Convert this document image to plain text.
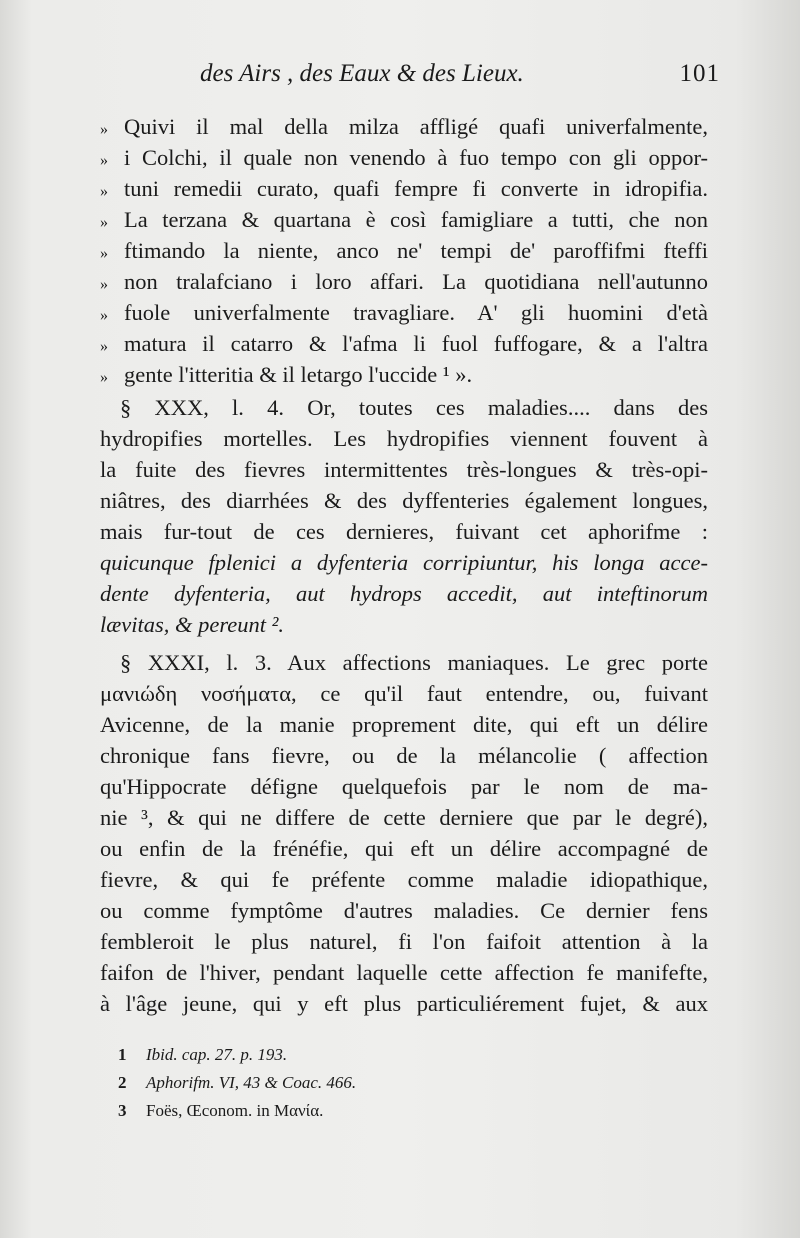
des Airs , des Eaux & des Lieux.	101
» Quivi il mal della milza affligé quafi univerfalmente,
» i Colchi, il quale non venendo à fuo tempo con gli oppor-
» tuni remedii curato, quafi fempre fi converte in idropifia.
» La terzana & quartana è così famigliare a tutti, che non
» ftimando la niente, anco ne' tempi de' paroffifmi fteffi
» non tralafciano i loro affari. La quotidiana nell'autunno
» fuole univerfalmente travagliare. A' gli huomini d'età
» matura il catarro & l'afma li fuol fuffogare, & a l'altra
» gente l'itteritia & il letargo l'uccide ¹ ».
§ XXX, l. 4. Or, toutes ces maladies.... dans des
hydropifies mortelles. Les hydropifies viennent fouvent à
la fuite des fievres intermittentes très-longues & très-opi-
niâtres, des diarrhées & des dyffenteries également longues,
mais fur-tout de ces dernieres, fuivant cet aphorifme :
quicunque fplenici a dyfenteria corripiuntur, his longa acce-
dente dyfenteria, aut hydrops accedit, aut inteftinorum
lævitas, & pereunt ².
§ XXXI, l. 3. Aux affections maniaques. Le grec porte
μανιώδη νοσήματα, ce qu'il faut entendre, ou, fuivant
Avicenne, de la manie proprement dite, qui eft un délire
chronique fans fievre, ou de la mélancolie ( affection
qu'Hippocrate défigne quelquefois par le nom de ma-
nie ³, & qui ne differe de cette derniere que par le degré),
ou enfin de la frénéfie, qui eft un délire accompagné de
fievre, & qui fe préfente comme maladie idiopathique,
ou comme fymptôme d'autres maladies. Ce dernier fens
fembleroit le plus naturel, fi l'on faifoit attention à la
faifon de l'hiver, pendant laquelle cette affection fe manifefte,
à l'âge jeune, qui y eft plus particuliérement fujet, & aux
1 Ibid. cap. 27. p. 193.
2 Aphorifm. VI, 43 & Coac. 466.
3 Foës, Œconom. in Μανία.
